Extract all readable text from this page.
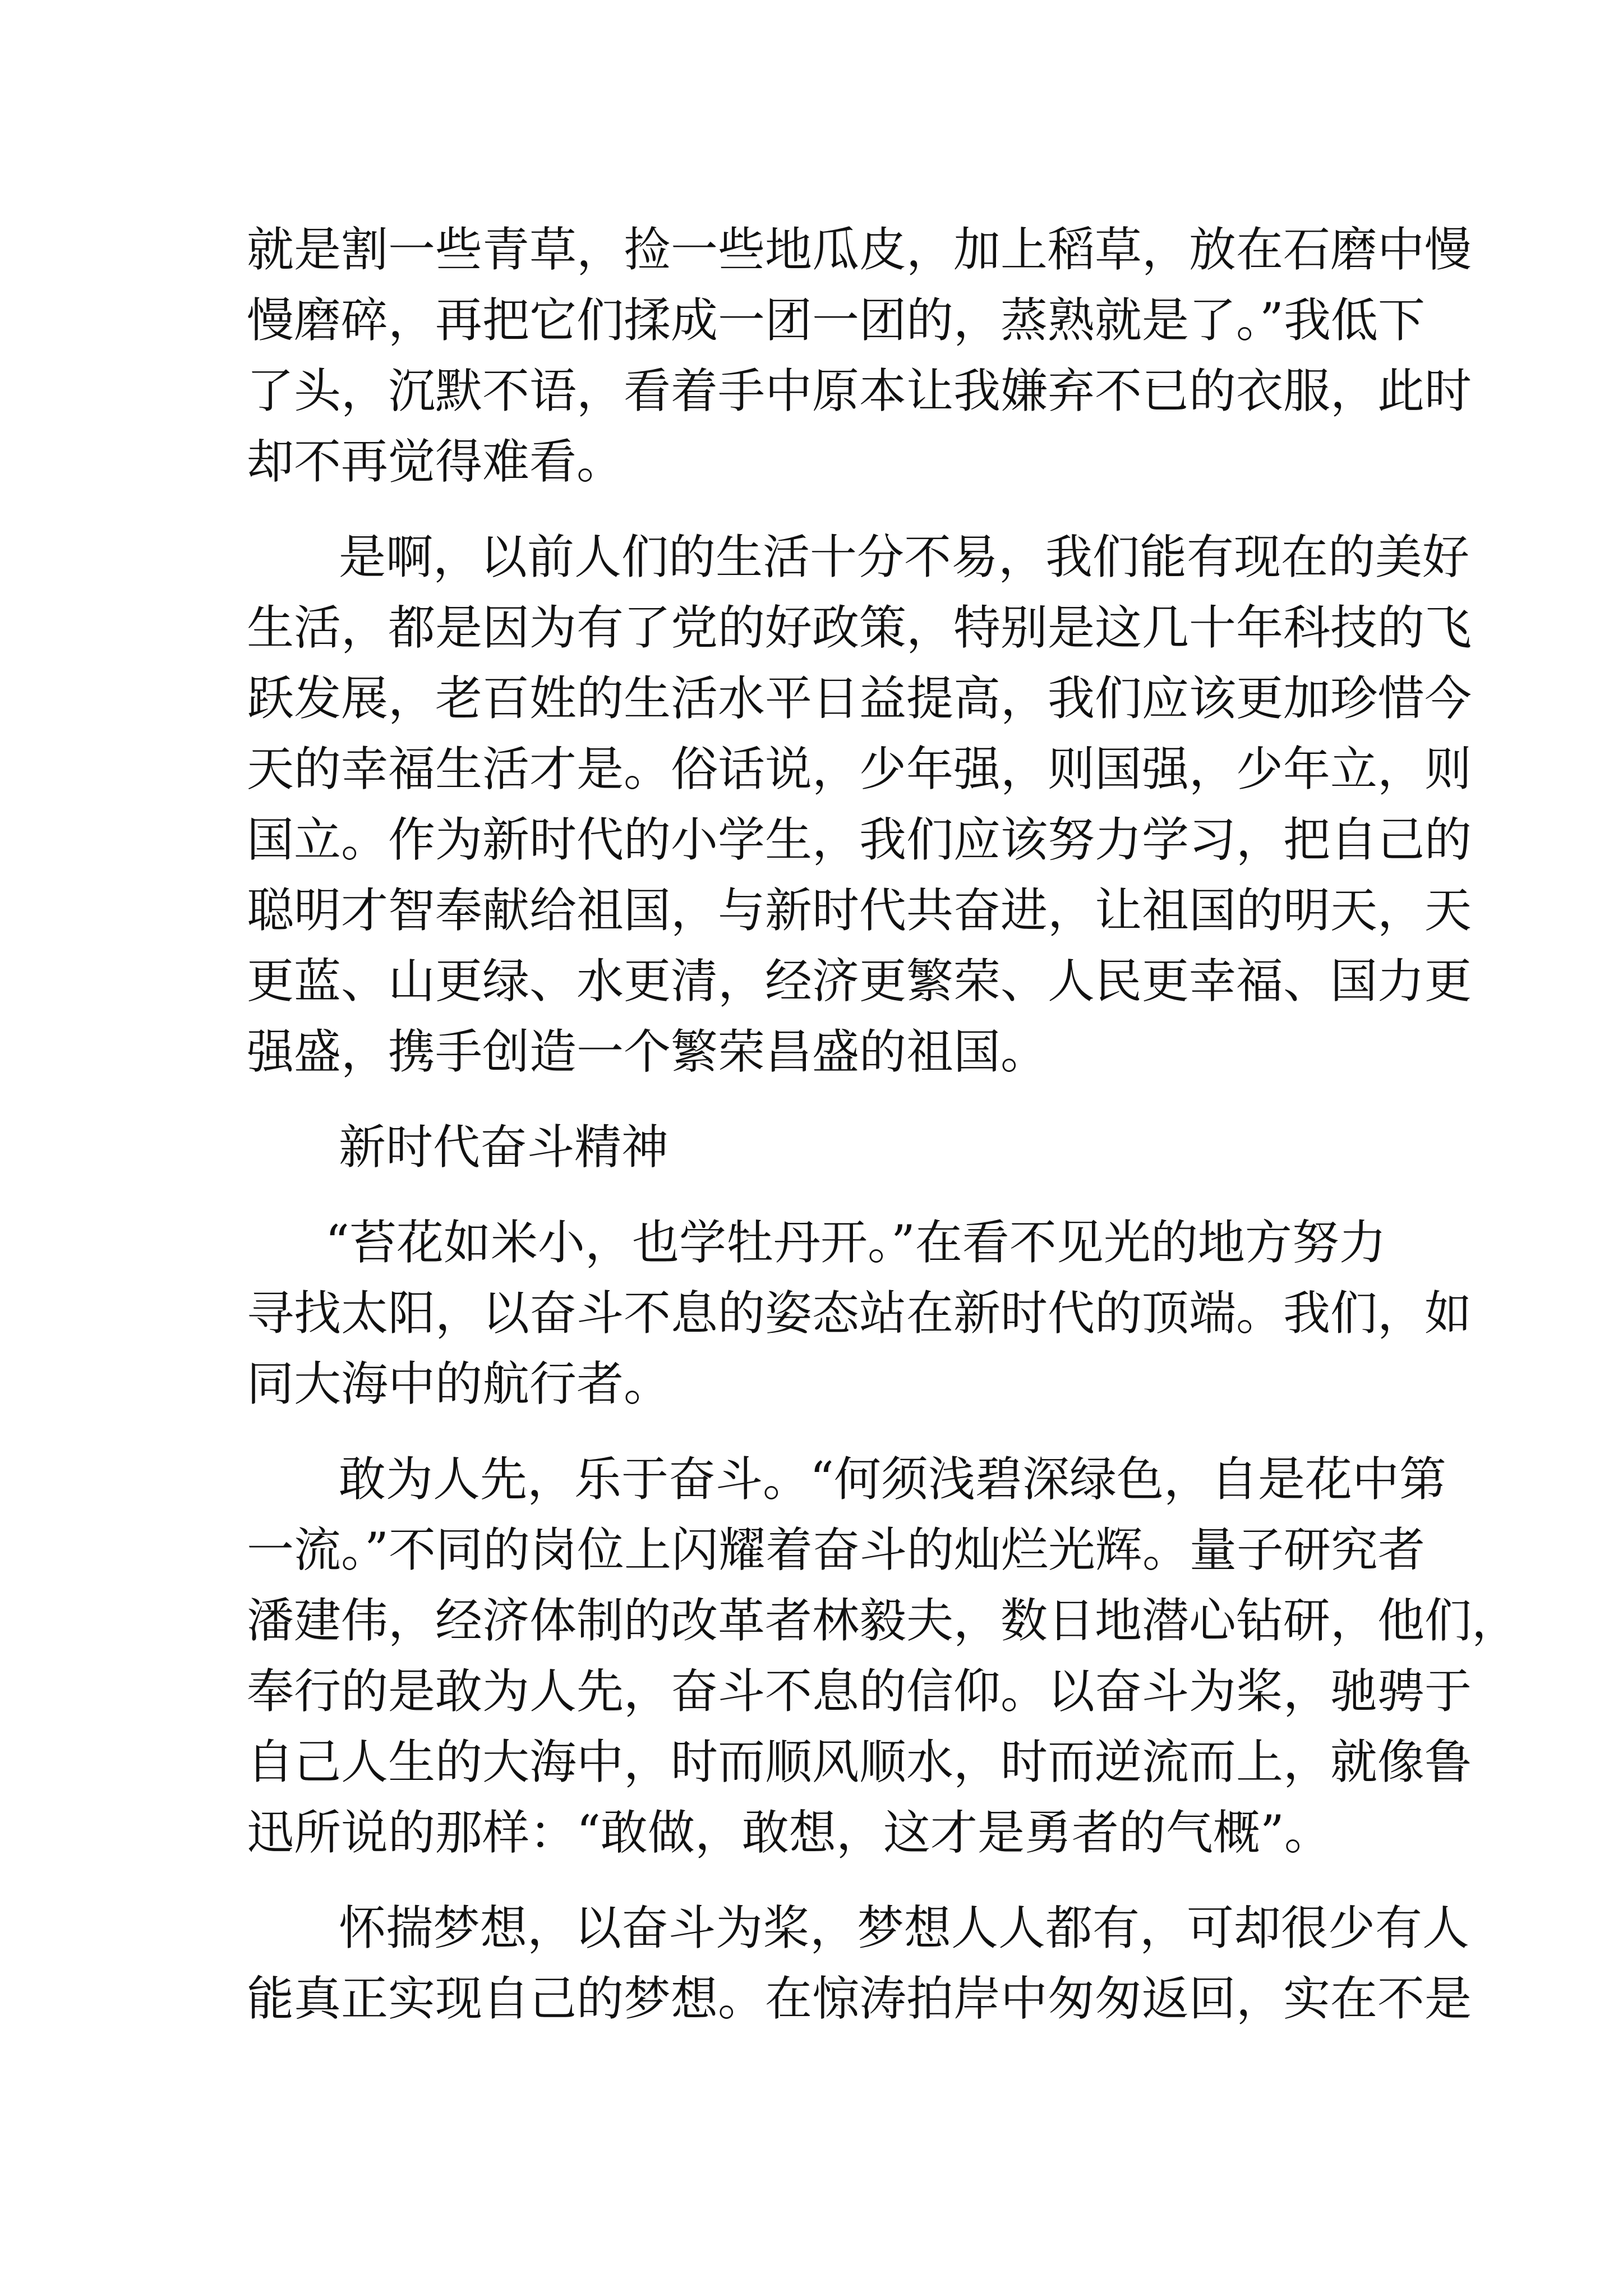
就是割一些青草，捡一些地瓜皮，加上稻草，放在石磨中慢
慢磨碎，再把它们揉成一团一团的，蒸熟就是了。”我低下
了头，沉默不语，看着手中原本让我嫌弃不已的衣服，此时
却不再觉得难看。
是啊，以前人们的生活十分不易，我们能有现在的美好
生活，都是因为有了党的好政策，特别是这几十年科技的飞
跃发展，老百姓的生活水平日益提高，我们应该更加珍惜今
天的幸福生活才是。俗话说，少年强，则国强，少年立，则
国立。作为新时代的小学生，我们应该努力学习，把自己的
聪明才智奉献给祖国，与新时代共奋进，让祖国的明天，天
更蓝、山更绿、水更清，经济更繁荣、人民更幸福、国力更
强盛，携手创造一个繁荣昌盛的祖国。
新时代奋斗精神
“苔花如米小，也学牡丹开。”在看不见光的地方努力
寻找太阳，以奋斗不息的姿态站在新时代的顶端。我们，如
同大海中的航行者。
敢为人先，乐于奋斗。“何须浅碧深绿色，自是花中第
一流。”不同的岗位上闪耀着奋斗的灿烂光辉。量子研究者
潘建伟，经济体制的改革者林毅夫，数日地潜心钻研，他们，
奉行的是敢为人先，奋斗不息的信仰。以奋斗为桨，驰骋于
自己人生的大海中，时而顺风顺水，时而逆流而上，就像鲁
迅所说的那样：“敢做，敢想，这才是勇者的气概”。
怀揣梦想，以奋斗为桨，梦想人人都有，可却很少有人
能真正实现自己的梦想。在惊涛拍岸中匆匆返回，实在不是
